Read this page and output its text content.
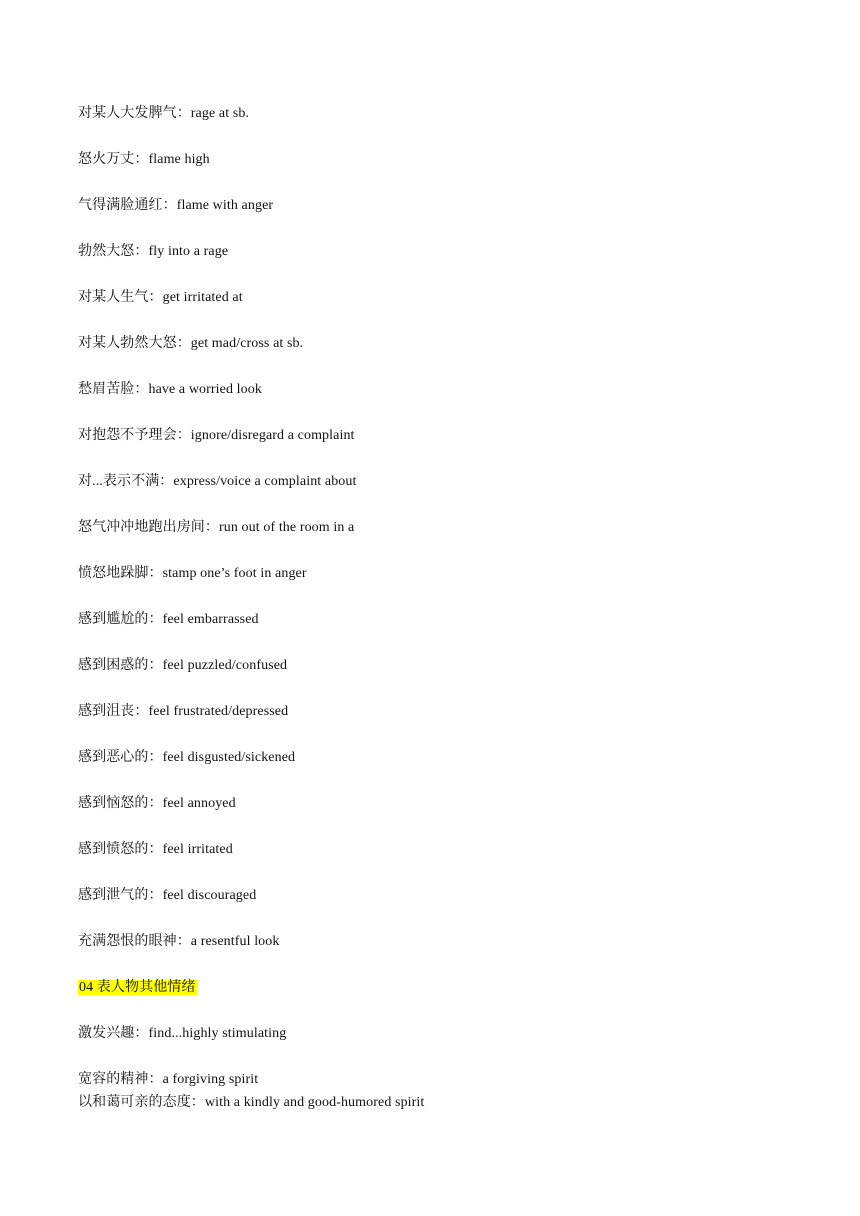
对某人大发脾气：rage at sb.
怒火万丈：flame high
气得满脸通红：flame with anger
勃然大怒：fly into a rage
对某人生气：get irritated at
对某人勃然大怒：get mad/cross at sb.
愁眉苦脸：have a worried look
对抱怨不予理会：ignore/disregard a complaint
对...表示不满：express/voice a complaint about
怒气冲冲地跑出房间：run out of the room in a
愤怒地跺脚：stamp one’s foot in anger
感到尴尬的：feel embarrassed
感到困惑的：feel puzzled/confused
感到沮丧：feel frustrated/depressed
感到恶心的：feel disgusted/sickened
感到恼怒的：feel annoyed
感到愤怒的：feel irritated
感到泄气的：feel discouraged
充满怨恨的眼神：a resentful look
04 表人物其他情绪
激发兴趣：find...highly stimulating
宽容的精神：a forgiving spirit
以和蔼可亲的态度：with a kindly and good-humored spirit
